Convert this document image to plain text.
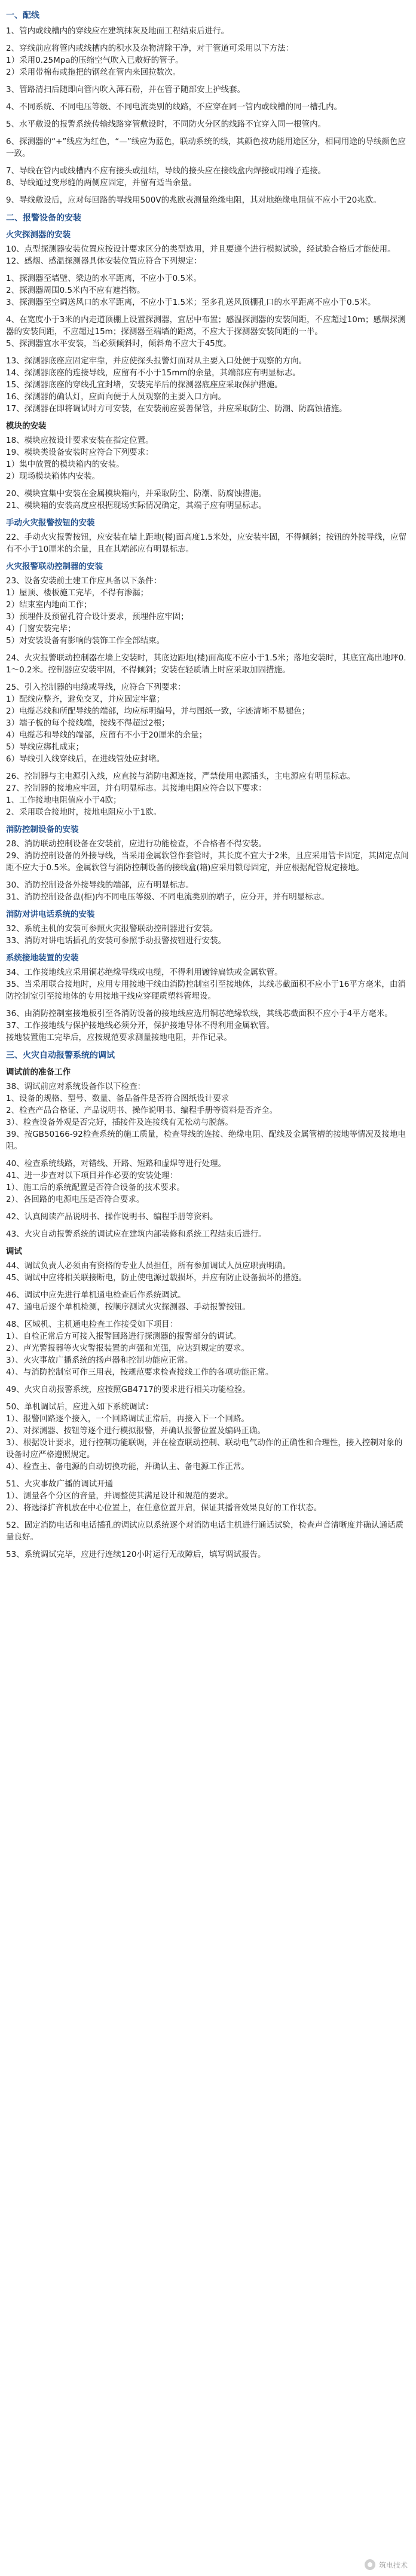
一、配线

1、管内或线槽内的穿线应在建筑抹灰及地面工程结束后进行。

2、穿线前应将管内或线槽内的积水及杂物清除干净，对于管道可采用以下方法：

1）采用0.25Mpa的压缩空气吹入已敷好的管子。

2）采用带棉布或拖把的钢丝在管内来回拉数次。

3、管路清扫后随即向管内吹入薄石粉，并在管子随部安上护线套。

4、不同系统、不同电压等级、不同电流类别的线路，不应穿在同一管内或线槽的同一槽孔内。

5、水平敷设的报警系统传输线路穿管敷设时，不同防火分区的线路不宜穿入同一根管内。

6、探测器的“+”线应为红色，“—”线应为蓝色，联动系统的线，其颜色按功能用途区分，相同用途的导线颜色应一致。

7、导线在管内或线槽内不应有接头或扭结，导线的接头应在接线盒内焊接或用端子连接。

8、导线通过变形缝的两侧应固定，并留有适当余量。

9、导线敷设后，应对每回路的导线用500V的兆欧表测量绝缘电阻，其对地绝缘电阻值不应小于20兆欧。

二、报警设备的安装
火灾探测器的安装

10、点型探测器安装位置应按设计要求区分的类型选用，并且要遵个进行模拟试验，经试验合格后才能使用。

12、感烟、感温探测器具体安装位置应符合下列规定：

1、探测器至墙壁、梁边的水平距离，不应小于0.5米。

2、探测器周围0.5米内不应有遮挡物。

3、探测器至空调送风口的水平距离，不应小于1.5米；至多孔送风顶棚孔口的水平距离不应小于0.5米。

4、在宽度小于3米的内走道顶棚上设置探测器，宜居中布置；感温探测器的安装间距，不应超过10m；感烟探测器的安装间距，不应超过15m；探测器至端墙的距离，不应大于探测器安装间距的一半。

5、探测器宜水平安装，当必须倾斜时，倾斜角不应大于45度。

13、探测器底座应固定牢靠，并应使探头报警灯面对从主要入口处便于观察的方向。

14、探测器底座的连接导线，应留有不小于15mm的余量，其端部应有明显标志。

15、探测器底座的穿线孔宜封堵，安装完毕后的探测器底座应采取保护措施。

16、探测器的确认灯，应面向便于人员观察的主要入口方向。

17、探测器在即将调试时方可安装，在安装前应妥善保管，并应采取防尘、防潮、防腐蚀措施。

模块的安装

18、模块应按设计要求安装在指定位置。

19、模块类设备安装时应符合下列要求：

1）集中放置的模块箱内的安装。

2）现场模块箱体内安装。

20、模块宜集中安装在金属模块箱内，并采取防尘、防潮、防腐蚀措施。

21、模块箱的安装高度应根据现场实际情况确定，其端子应有明显标志。

手动火灾报警按钮的安装

22、手动火灾报警按钮，应安装在墙上距地(楼)面高度1.5米处，应安装牢固，不得倾斜；按钮的外接导线，应留有不小于10厘米的余量，且在其端部应有明显标志。

火灾报警联动控制器的安装

23、设备安装前土建工作应具备以下条件：

1）屋顶、楼板施工完毕，不得有渗漏；

2）结束室内地面工作；

3）预埋件及预留孔符合设计要求，预埋件应牢固；

4）门窗安装完毕；

5）对安装设备有影响的装饰工作全部结束。

24、火灾报警联动控制器在墙上安装时，其底边距地(楼)面高度不应小于1.5米；落地安装时，其底宜高出地坪0.1～0.2米。控制器应安装牢固，不得倾斜；安装在轻质墙上时应采取加固措施。

25、引入控制器的电缆或导线，应符合下列要求：

1）配线应整齐，避免交叉，并应固定牢靠；

2）电缆芯线和所配导线的端部，均应标明编号，并与图纸一致，字迹清晰不易褪色；

3）端子板的每个接线端，接线不得超过2根；

4）电缆芯和导线的端部，应留有不小于20厘米的余量；

5）导线应绑扎成束；

6）导线引入线穿线后，在进线管处应封堵。

26、控制器与主电源引入线，应直接与消防电源连接，严禁使用电源插头，主电源应有明显标志。

27、控制器的接地应牢固，并有明显标志。其接地电阻应符合以下要求：

1、工作接地电阻值应小于4欧；

2、采用联合接地时，接地电阻应小于1欧。

消防控制设备的安装

28、消防联动控制设备在安装前，应进行功能检查，不合格者不得安装。

29、消防控制设备的外接导线，当采用金属软管作套管时，其长度不宜大于2米，且应采用管卡固定，其固定点间距不应大于0.5米。金属软管与消防控制设备的接线盒(箱)应采用锁母固定，并应根据配管规定接地。

30、消防控制设备外接导线的端部，应有明显标志。

31、消防控制设备盘(柜)内不同电压等级、不同电流类别的端子，应分开，并有明显标志。

消防对讲电话系统的安装

32、系统主机的安装可参照火灾报警联动控制器进行安装。

33、消防对讲电话插孔的安装可参照手动报警按钮进行安装。

系统接地装置的安装

34、工作接地线应采用铜芯绝缘导线或电缆，不得利用镀锌扁铁或金属软管。

35、当采用联合接地时，应用专用接地干线由消防控制室引至接地体，其线芯截面积不应小于16平方毫米，由消防控制室引至接地体的专用接地干线应穿硬质塑料管埋设。

36、由消防控制室接地板引至各消防设备的接地线应选用铜芯绝缘软线，其线芯截面积不应小于4平方毫米。

37、工作接地线与保护接地线必须分开，保护接地导体不得利用金属软管。

接地装置施工完毕后，应按规范要求测量接地电阻，并作记录。

三、火灾自动报警系统的调试
调试前的准备工作

38、调试前应对系统设备作以下检查：

1、设备的规格、型号、数量、备品备件是否符合图纸设计要求

2、检查产品合格证、产品说明书、操作说明书、编程手册等资料是否齐全。

3）、检查设备外观是否完好，插接件及连接线有无松动与脱落。

39、按GB50166-92检查系统的施工质量，检查导线的连接、绝缘电阻、配线及金属管槽的接地等情况及接地电阻。

40、检查系统线路，对错线、开路、短路和虚焊等进行处理。

41、进一步查对以下项目并作必要的安装处理：

1）、施工后的系统配置是否符合设备的技术要求。

2）、各回路的电源电压是否符合要求。

42、认真阅读产品说明书、操作说明书、编程手册等资料。

43、火灾自动报警系统的调试应在建筑内部装修和系统工程结束后进行。

调试

44、调试负责人必须由有资格的专业人员担任，所有参加调试人员应职责明确。

45、调试中应将相关联接断电，防止使电源过载损坏，并应有防止设备损坏的措施。

46、调试中应先进行单机通电检查后作系统调试。

47、通电后逐个单机检测，按顺序测试火灾探测器、手动报警按钮。

48、区域机、主机通电检查工作接受如下项目：

1）、自检正常后方可接入报警回路进行探测器的报警部分的调试。

2）、声光警报器等火灾警报装置的声强和光强，应达到规定的要求。

3）、火灾事故广播系统的扬声器和控制功能应正常。

4）、与消防控制室可作三用表，按规范要求检查接线工作的各项功能正常。

49、火灾自动报警系统，应按照GB4717的要求进行相关功能检验。

50、单机调试后，应进入如下系统调试：

1）、报警回路逐个接入，一个回路调试正常后，再接入下一个回路。

2）、对探测器、按钮等逐个进行模拟报警，并确认报警位置及编码正确。

3）、根据设计要求，进行控制功能联调，并在检查联动控制、联动电气动作的正确性和合理性，接入控制对象的设备时应严格遵照规定。

4）、检查主、备电源的自动切换功能，并确认主、备电源工作正常。

51、火灾事故广播的调试开通

1）、测量各个分区的音量，并调整使其满足设计和规范的要求。

2）、将选择扩音机放在中心位置上，在任意位置开启，保证其播音效果良好的工作状态。

52、固定消防电话和电话插孔的调试应以系统逐个对消防电话主机进行通话试验，检查声音清晰度并确认通话质量良好。

53、系统调试完毕，应进行连续120小时运行无故障后，填写调试报告。

筑电技术
